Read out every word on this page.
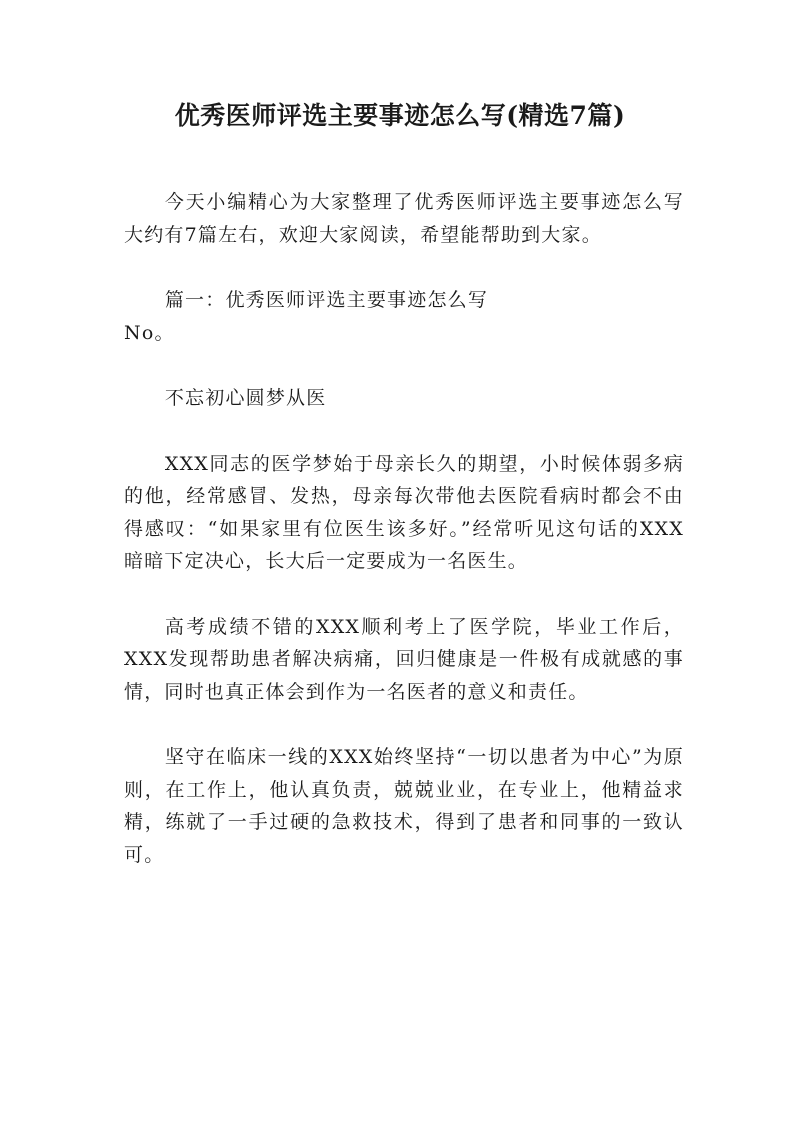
优秀医师评选主要事迹怎么写(精选7篇)

今天小编精心为大家整理了优秀医师评选主要事迹怎么写大约有7篇左右，欢迎大家阅读，希望能帮助到大家。

篇一：优秀医师评选主要事迹怎么写

No。

不忘初心圆梦从医

XXX同志的医学梦始于母亲长久的期望，小时候体弱多病的他，经常感冒、发热，母亲每次带他去医院看病时都会不由得感叹：“如果家里有位医生该多好。”经常听见这句话的XXX暗暗下定决心，长大后一定要成为一名医生。

高考成绩不错的XXX顺利考上了医学院，毕业工作后，XXX发现帮助患者解决病痛，回归健康是一件极有成就感的事情，同时也真正体会到作为一名医者的意义和责任。

坚守在临床一线的XXX始终坚持“一切以患者为中心”为原则，在工作上，他认真负责，兢兢业业，在专业上，他精益求精，练就了一手过硬的急救技术，得到了患者和同事的一致认可。
